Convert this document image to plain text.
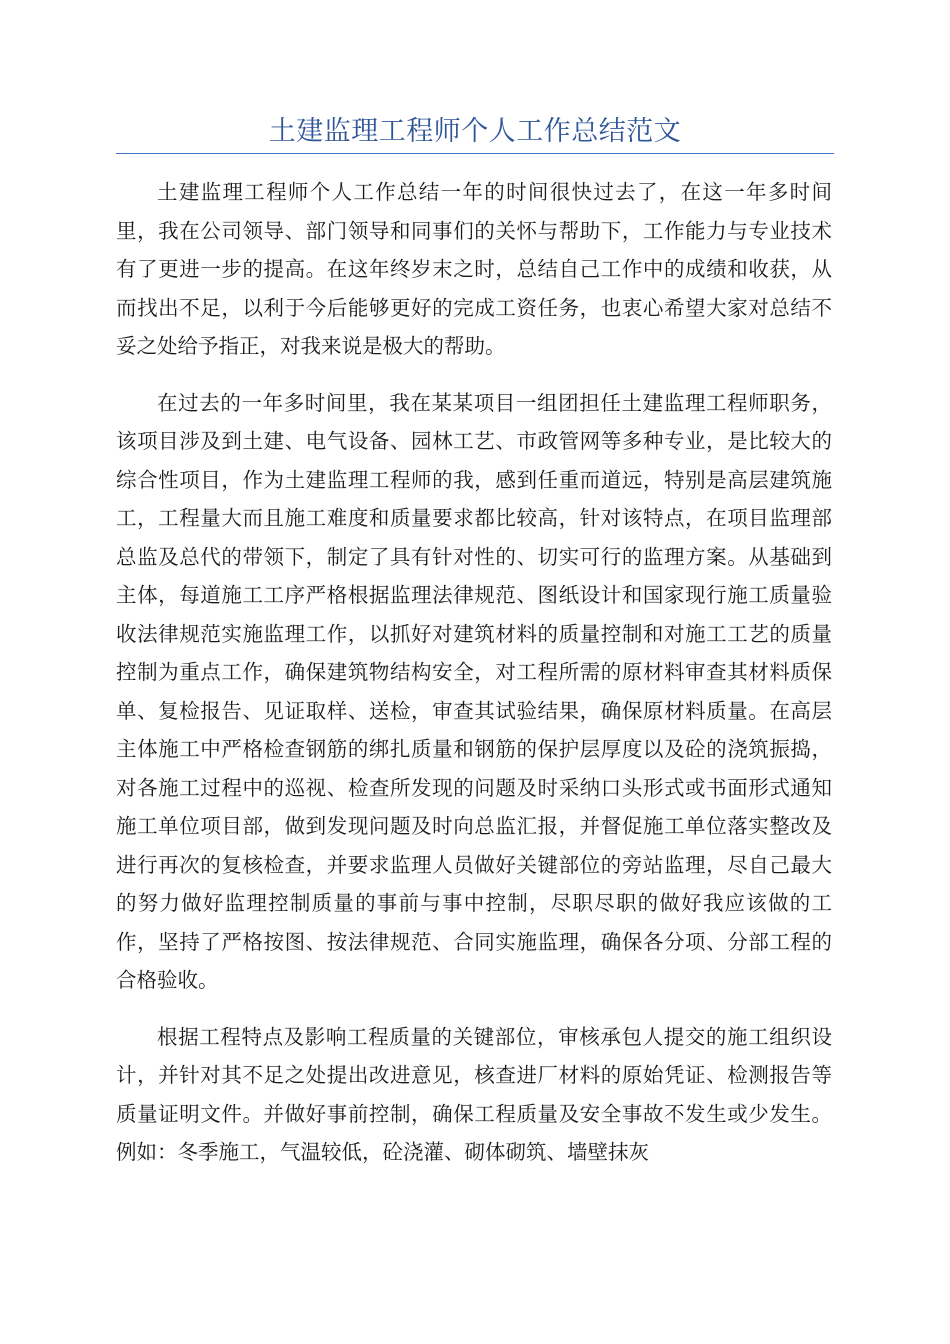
土建监理工程师个人工作总结范文

土建监理工程师个人工作总结一年的时间很快过去了，在这一年多时间里，我在公司领导、部门领导和同事们的关怀与帮助下，工作能力与专业技术有了更进一步的提高。在这年终岁末之时，总结自己工作中的成绩和收获，从而找出不足，以利于今后能够更好的完成工资任务，也衷心希望大家对总结不妥之处给予指正，对我来说是极大的帮助。

在过去的一年多时间里，我在某某项目一组团担任土建监理工程师职务，该项目涉及到土建、电气设备、园林工艺、市政管网等多种专业，是比较大的综合性项目，作为土建监理工程师的我，感到任重而道远，特别是高层建筑施工，工程量大而且施工难度和质量要求都比较高，针对该特点，在项目监理部总监及总代的带领下，制定了具有针对性的、切实可行的监理方案。从基础到主体，每道施工工序严格根据监理法律规范、图纸设计和国家现行施工质量验收法律规范实施监理工作，以抓好对建筑材料的质量控制和对施工工艺的质量控制为重点工作，确保建筑物结构安全，对工程所需的原材料审查其材料质保单、复检报告、见证取样、送检，审查其试验结果，确保原材料质量。在高层主体施工中严格检查钢筋的绑扎质量和钢筋的保护层厚度以及砼的浇筑振捣，对各施工过程中的巡视、检查所发现的问题及时采纳口头形式或书面形式通知施工单位项目部，做到发现问题及时向总监汇报，并督促施工单位落实整改及进行再次的复核检查，并要求监理人员做好关键部位的旁站监理，尽自己最大的努力做好监理控制质量的事前与事中控制，尽职尽职的做好我应该做的工作，坚持了严格按图、按法律规范、合同实施监理，确保各分项、分部工程的合格验收。

根据工程特点及影响工程质量的关键部位，审核承包人提交的施工组织设计，并针对其不足之处提出改进意见，核查进厂材料的原始凭证、检测报告等质量证明文件。并做好事前控制，确保工程质量及安全事故不发生或少发生。例如：冬季施工，气温较低，砼浇灌、砌体砌筑、墙壁抹灰
